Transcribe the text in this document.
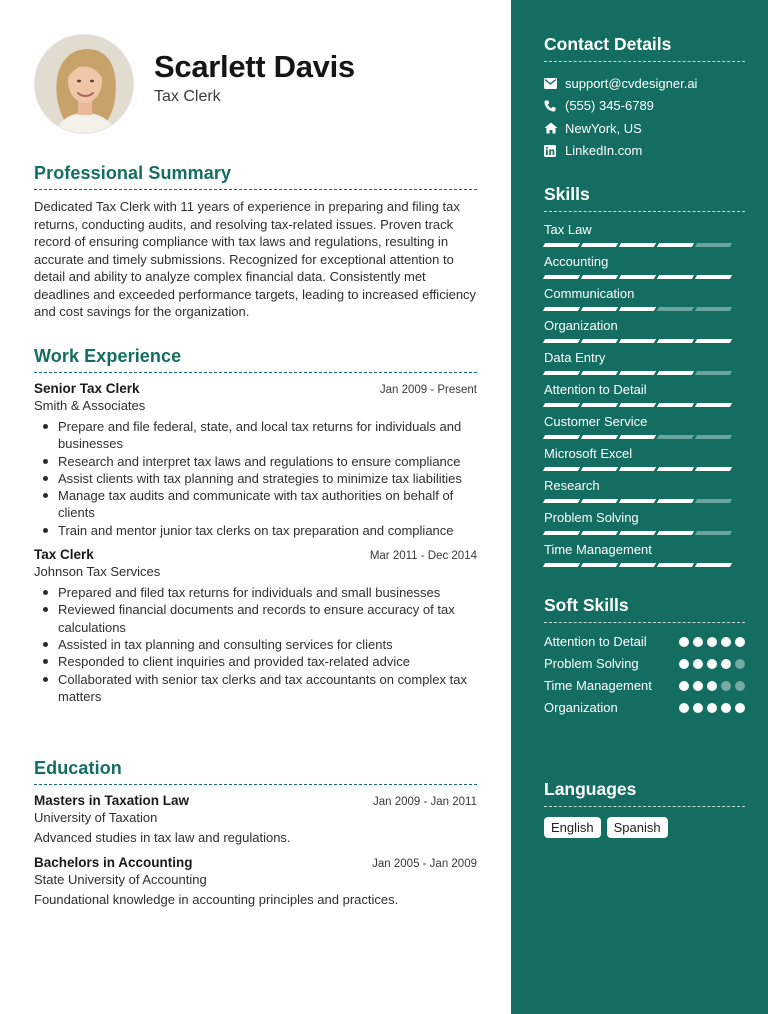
Scarlett Davis
Tax Clerk
Professional Summary
Dedicated Tax Clerk with 11 years of experience in preparing and filing tax returns, conducting audits, and resolving tax-related issues. Proven track record of ensuring compliance with tax laws and regulations, resulting in accurate and timely submissions. Recognized for exceptional attention to detail and ability to analyze complex financial data. Consistently met deadlines and exceeded performance targets, leading to increased efficiency and cost savings for the organization.
Work Experience
Senior Tax Clerk	Jan 2009 - Present
Smith & Associates
Prepare and file federal, state, and local tax returns for individuals and businesses
Research and interpret tax laws and regulations to ensure compliance
Assist clients with tax planning and strategies to minimize tax liabilities
Manage tax audits and communicate with tax authorities on behalf of clients
Train and mentor junior tax clerks on tax preparation and compliance
Tax Clerk	Mar 2011 - Dec 2014
Johnson Tax Services
Prepared and filed tax returns for individuals and small businesses
Reviewed financial documents and records to ensure accuracy of tax calculations
Assisted in tax planning and consulting services for clients
Responded to client inquiries and provided tax-related advice
Collaborated with senior tax clerks and tax accountants on complex tax matters
Education
Masters in Taxation Law	Jan 2009 - Jan 2011
University of Taxation
Advanced studies in tax law and regulations.
Bachelors in Accounting	Jan 2005 - Jan 2009
State University of Accounting
Foundational knowledge in accounting principles and practices.
Contact Details
support@cvdesigner.ai
(555) 345-6789
NewYork, US
LinkedIn.com
Skills
Tax Law
Accounting
Communication
Organization
Data Entry
Attention to Detail
Customer Service
Microsoft Excel
Research
Problem Solving
Time Management
Soft Skills
Attention to Detail
Problem Solving
Time Management
Organization
Languages
English	Spanish
